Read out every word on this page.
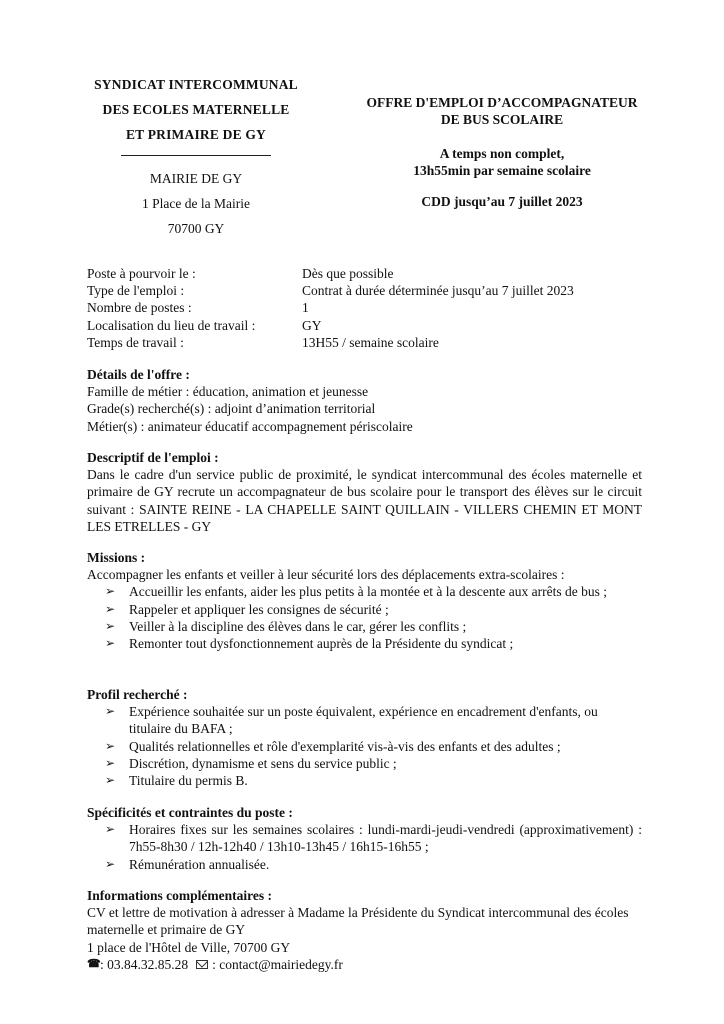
SYNDICAT INTERCOMMUNAL
DES ECOLES MATERNELLE
ET PRIMAIRE DE GY
MAIRIE DE GY
1 Place de la Mairie
70700 GY
OFFRE D'EMPLOI D’ACCOMPAGNATEUR
DE BUS SCOLAIRE
A temps non complet,
13h55min par semaine scolaire
CDD jusqu’au 7 juillet 2023
Poste à pourvoir le :	Dès que possible
Type de l'emploi :	Contrat à durée déterminée jusqu’au 7 juillet 2023
Nombre de postes :	1
Localisation du lieu de travail :	GY
Temps de travail :	13H55 / semaine scolaire
Détails de l'offre :
Famille de métier : éducation, animation et jeunesse
Grade(s) recherché(s) : adjoint d’animation territorial
Métier(s) : animateur éducatif accompagnement périscolaire
Descriptif de l'emploi :
Dans le cadre d'un service public de proximité, le syndicat intercommunal des écoles maternelle et primaire de GY recrute un accompagnateur de bus scolaire pour le transport des élèves sur le circuit suivant : SAINTE REINE - LA CHAPELLE SAINT QUILLAIN - VILLERS CHEMIN ET MONT LES ETRELLES - GY
Missions :
Accompagner les enfants et veiller à leur sécurité lors des déplacements extra-scolaires :
➢ Accueillir les enfants, aider les plus petits à la montée et à la descente aux arrêts de bus ;
➢ Rappeler et appliquer les consignes de sécurité ;
➢ Veiller à la discipline des élèves dans le car, gérer les conflits ;
➢ Remonter tout dysfonctionnement auprès de la Présidente du syndicat ;
Profil recherché :
➢ Expérience souhaitée sur un poste équivalent, expérience en encadrement d'enfants, ou titulaire du BAFA ;
➢ Qualités relationnelles et rôle d'exemplarité vis-à-vis des enfants et des adultes ;
➢ Discrétion, dynamisme et sens du service public ;
➢ Titulaire du permis B.
Spécificités et contraintes du poste :
➢ Horaires fixes sur les semaines scolaires : lundi-mardi-jeudi-vendredi (approximativement) : 7h55-8h30 / 12h-12h40 / 13h10-13h45 / 16h15-16h55 ;
➢ Rémunération annualisée.
Informations complémentaires :
CV et lettre de motivation à adresser à Madame la Présidente du Syndicat intercommunal des écoles maternelle et primaire de GY
1 place de l'Hôtel de Ville, 70700 GY
☎ : 03.84.32.85.28 : contact@mairiedegy.fr
